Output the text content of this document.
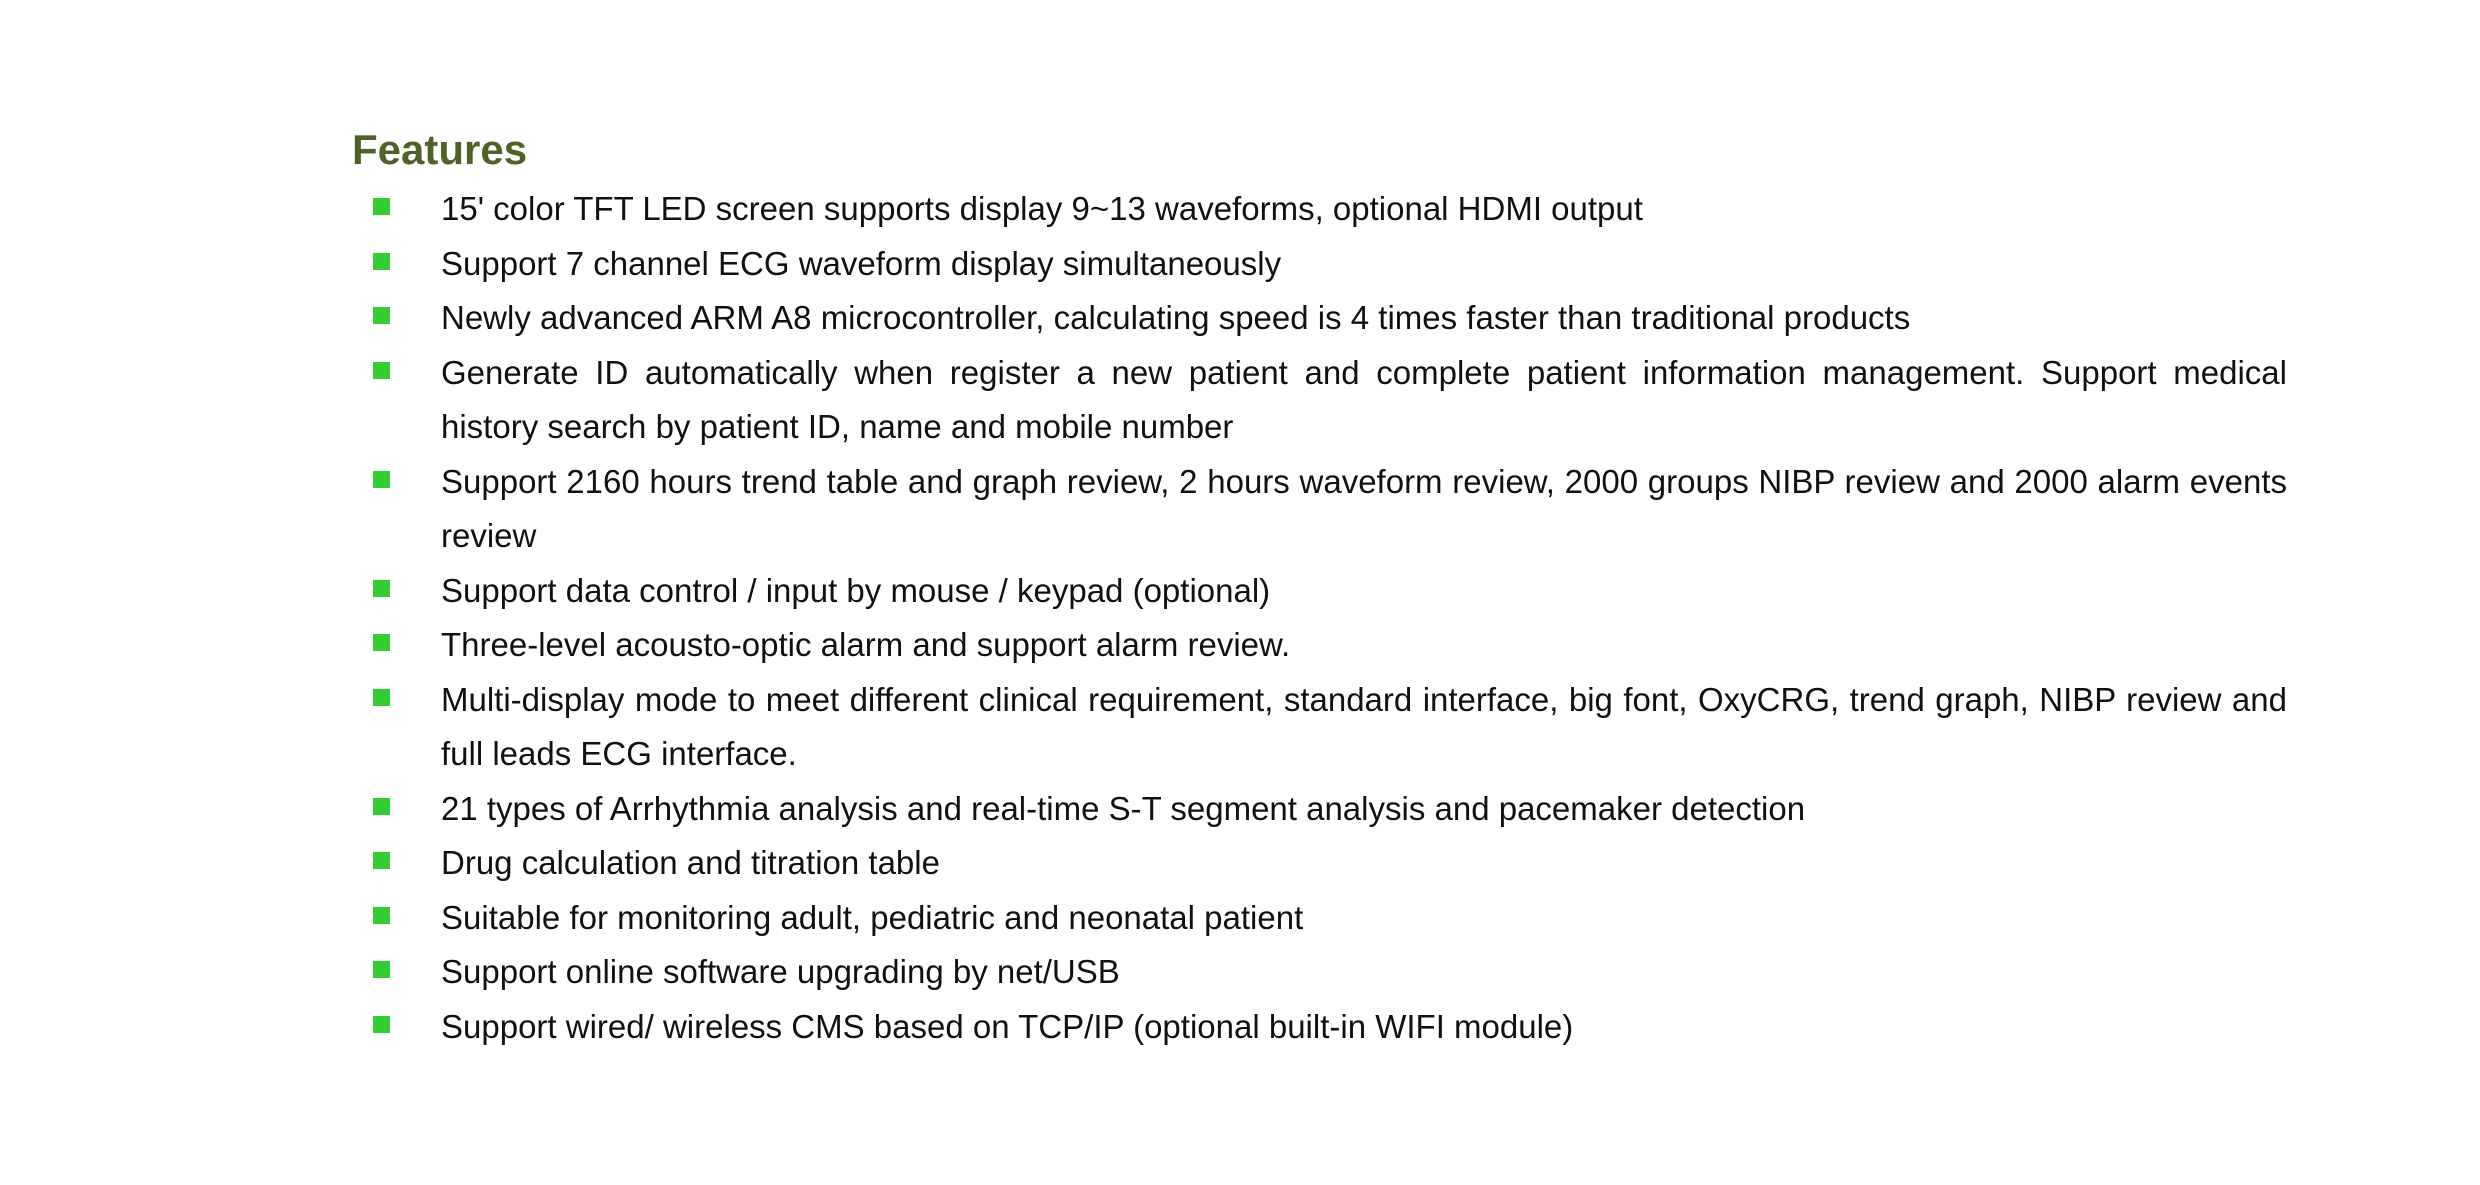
Features
15' color TFT LED screen supports display 9~13 waveforms, optional HDMI output
Support 7 channel ECG waveform display simultaneously
Newly advanced ARM A8 microcontroller, calculating speed is 4 times faster than traditional products
Generate ID automatically when register a new patient and complete patient information management. Support medical history search by patient ID, name and mobile number
Support 2160 hours trend table and graph review, 2 hours waveform review, 2000 groups NIBP review and 2000 alarm events review
Support data control / input by mouse / keypad (optional)
Three-level acousto-optic alarm and support alarm review.
Multi-display mode to meet different clinical requirement, standard interface, big font, OxyCRG, trend graph, NIBP review and full leads ECG interface.
21 types of Arrhythmia analysis and real-time S-T segment analysis and pacemaker detection
Drug calculation and titration table
Suitable for monitoring adult, pediatric and neonatal patient
Support online software upgrading by net/USB
Support wired/ wireless CMS based on TCP/IP (optional built-in WIFI module)
